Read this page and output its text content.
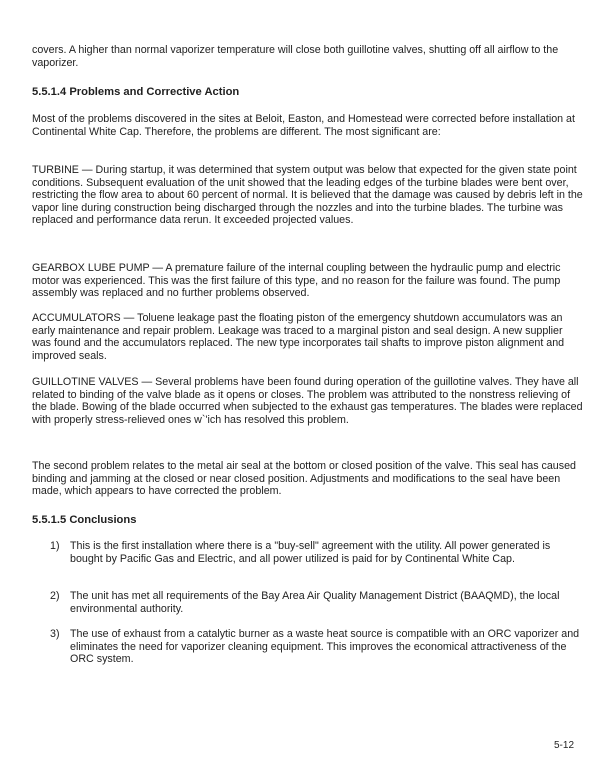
covers. A higher than normal vaporizer temperature will close both guillotine valves, shutting off all airflow to the vaporizer.

5.5.1.4 Problems and Corrective Action

Most of the problems discovered in the sites at Beloit, Easton, and Homestead were corrected before installation at Continental White Cap. Therefore, the problems are different. The most significant are:

TURBINE — During startup, it was determined that system output was below that expected for the given state point conditions. Subsequent evaluation of the unit showed that the leading edges of the turbine blades were bent over, restricting the flow area to about 60 percent of normal. It is believed that the damage was caused by debris left in the vapor line during construction being discharged through the nozzles and into the turbine blades. The turbine was replaced and performance data rerun. It exceeded projected values.

GEARBOX LUBE PUMP — A premature failure of the internal coupling between the hydraulic pump and electric motor was experienced. This was the first failure of this type, and no reason for the failure was found. The pump assembly was replaced and no further problems observed.

ACCUMULATORS — Toluene leakage past the floating piston of the emergency shutdown accumulators was an early maintenance and repair problem. Leakage was traced to a marginal piston and seal design. A new supplier was found and the accumulators replaced. The new type incorporates tail shafts to improve piston alignment and improved seals.

GUILLOTINE VALVES — Several problems have been found during operation of the guillotine valves. They have all related to binding of the valve blade as it opens or closes. The problem was attributed to the nonstress relieving of the blade. Bowing of the blade occurred when subjected to the exhaust gas temperatures. The blades were replaced with properly stress-relieved ones w`'ich has resolved this problem.

The second problem relates to the metal air seal at the bottom or closed position of the valve. This seal has caused binding and jamming at the closed or near closed position. Adjustments and modifications to the seal have been made, which appears to have corrected the problem.

5.5.1.5 Conclusions
1) This is the first installation where there is a "buy-sell" agreement with the utility. All power generated is bought by Pacific Gas and Electric, and all power utilized is paid for by Continental White Cap.
2) The unit has met all requirements of the Bay Area Air Quality Management District (BAAQMD), the local environmental authority.
3) The use of exhaust from a catalytic burner as a waste heat source is compatible with an ORC vaporizer and eliminates the need for vaporizer cleaning equipment. This improves the economical attractiveness of the ORC system.
5-12
